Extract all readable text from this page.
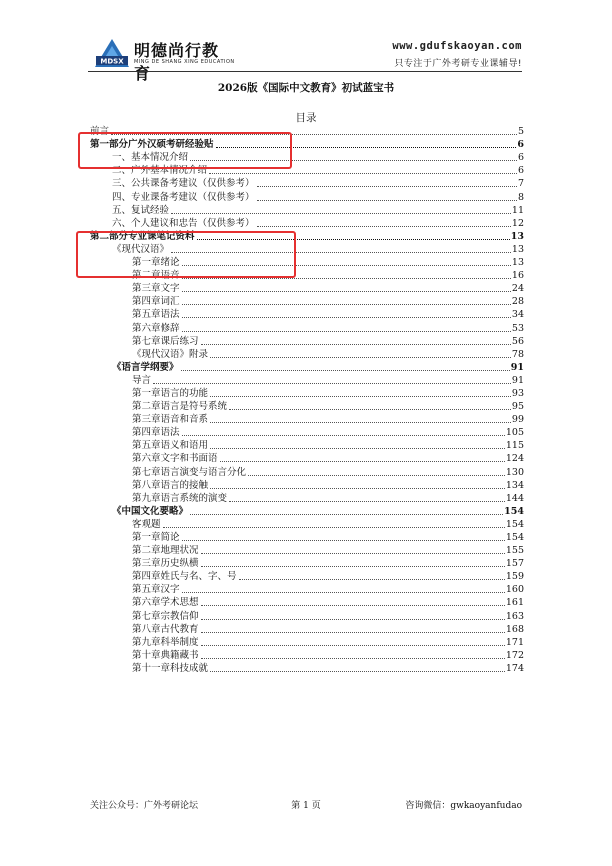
MDSX
明德尚行教育
MING DE SHANG XING EDUCATION
www.gdufskaoyan.com
只专注于广外考研专业课辅导!
2026版《国际中文教育》初试蓝宝书
目录
前言	5
第一部分广外汉硕考研经验贴	6
一、基本情况介绍	6
二、广外基本情况介绍	6
三、公共课备考建议（仅供参考）	7
四、专业课备考建议（仅供参考）	8
五、复试经验	11
六、个人建议和忠告（仅供参考）	12
第二部分专业课笔记资料	13
《现代汉语》	13
第一章绪论	13
第二章语音	16
第三章文字	24
第四章词汇	28
第五章语法	34
第六章修辞	53
第七章课后练习	56
《现代汉语》附录	78
《语言学纲要》	91
导言	91
第一章语言的功能	93
第二章语言是符号系统	95
第三章语音和音系	99
第四章语法	105
第五章语义和语用	115
第六章文字和书面语	124
第七章语言演变与语言分化	130
第八章语言的接触	134
第九章语言系统的演变	144
《中国文化要略》	154
客观题	154
第一章简论	154
第二章地理状况	155
第三章历史纵横	157
第四章姓氏与名、字、号	159
第五章汉字	160
第六章学术思想	161
第七章宗教信仰	163
第八章古代教育	168
第九章科举制度	171
第十章典籍藏书	172
第十一章科技成就	174
关注公众号：广外考研论坛	第 1 页	咨询微信：gwkaoyanfudao
